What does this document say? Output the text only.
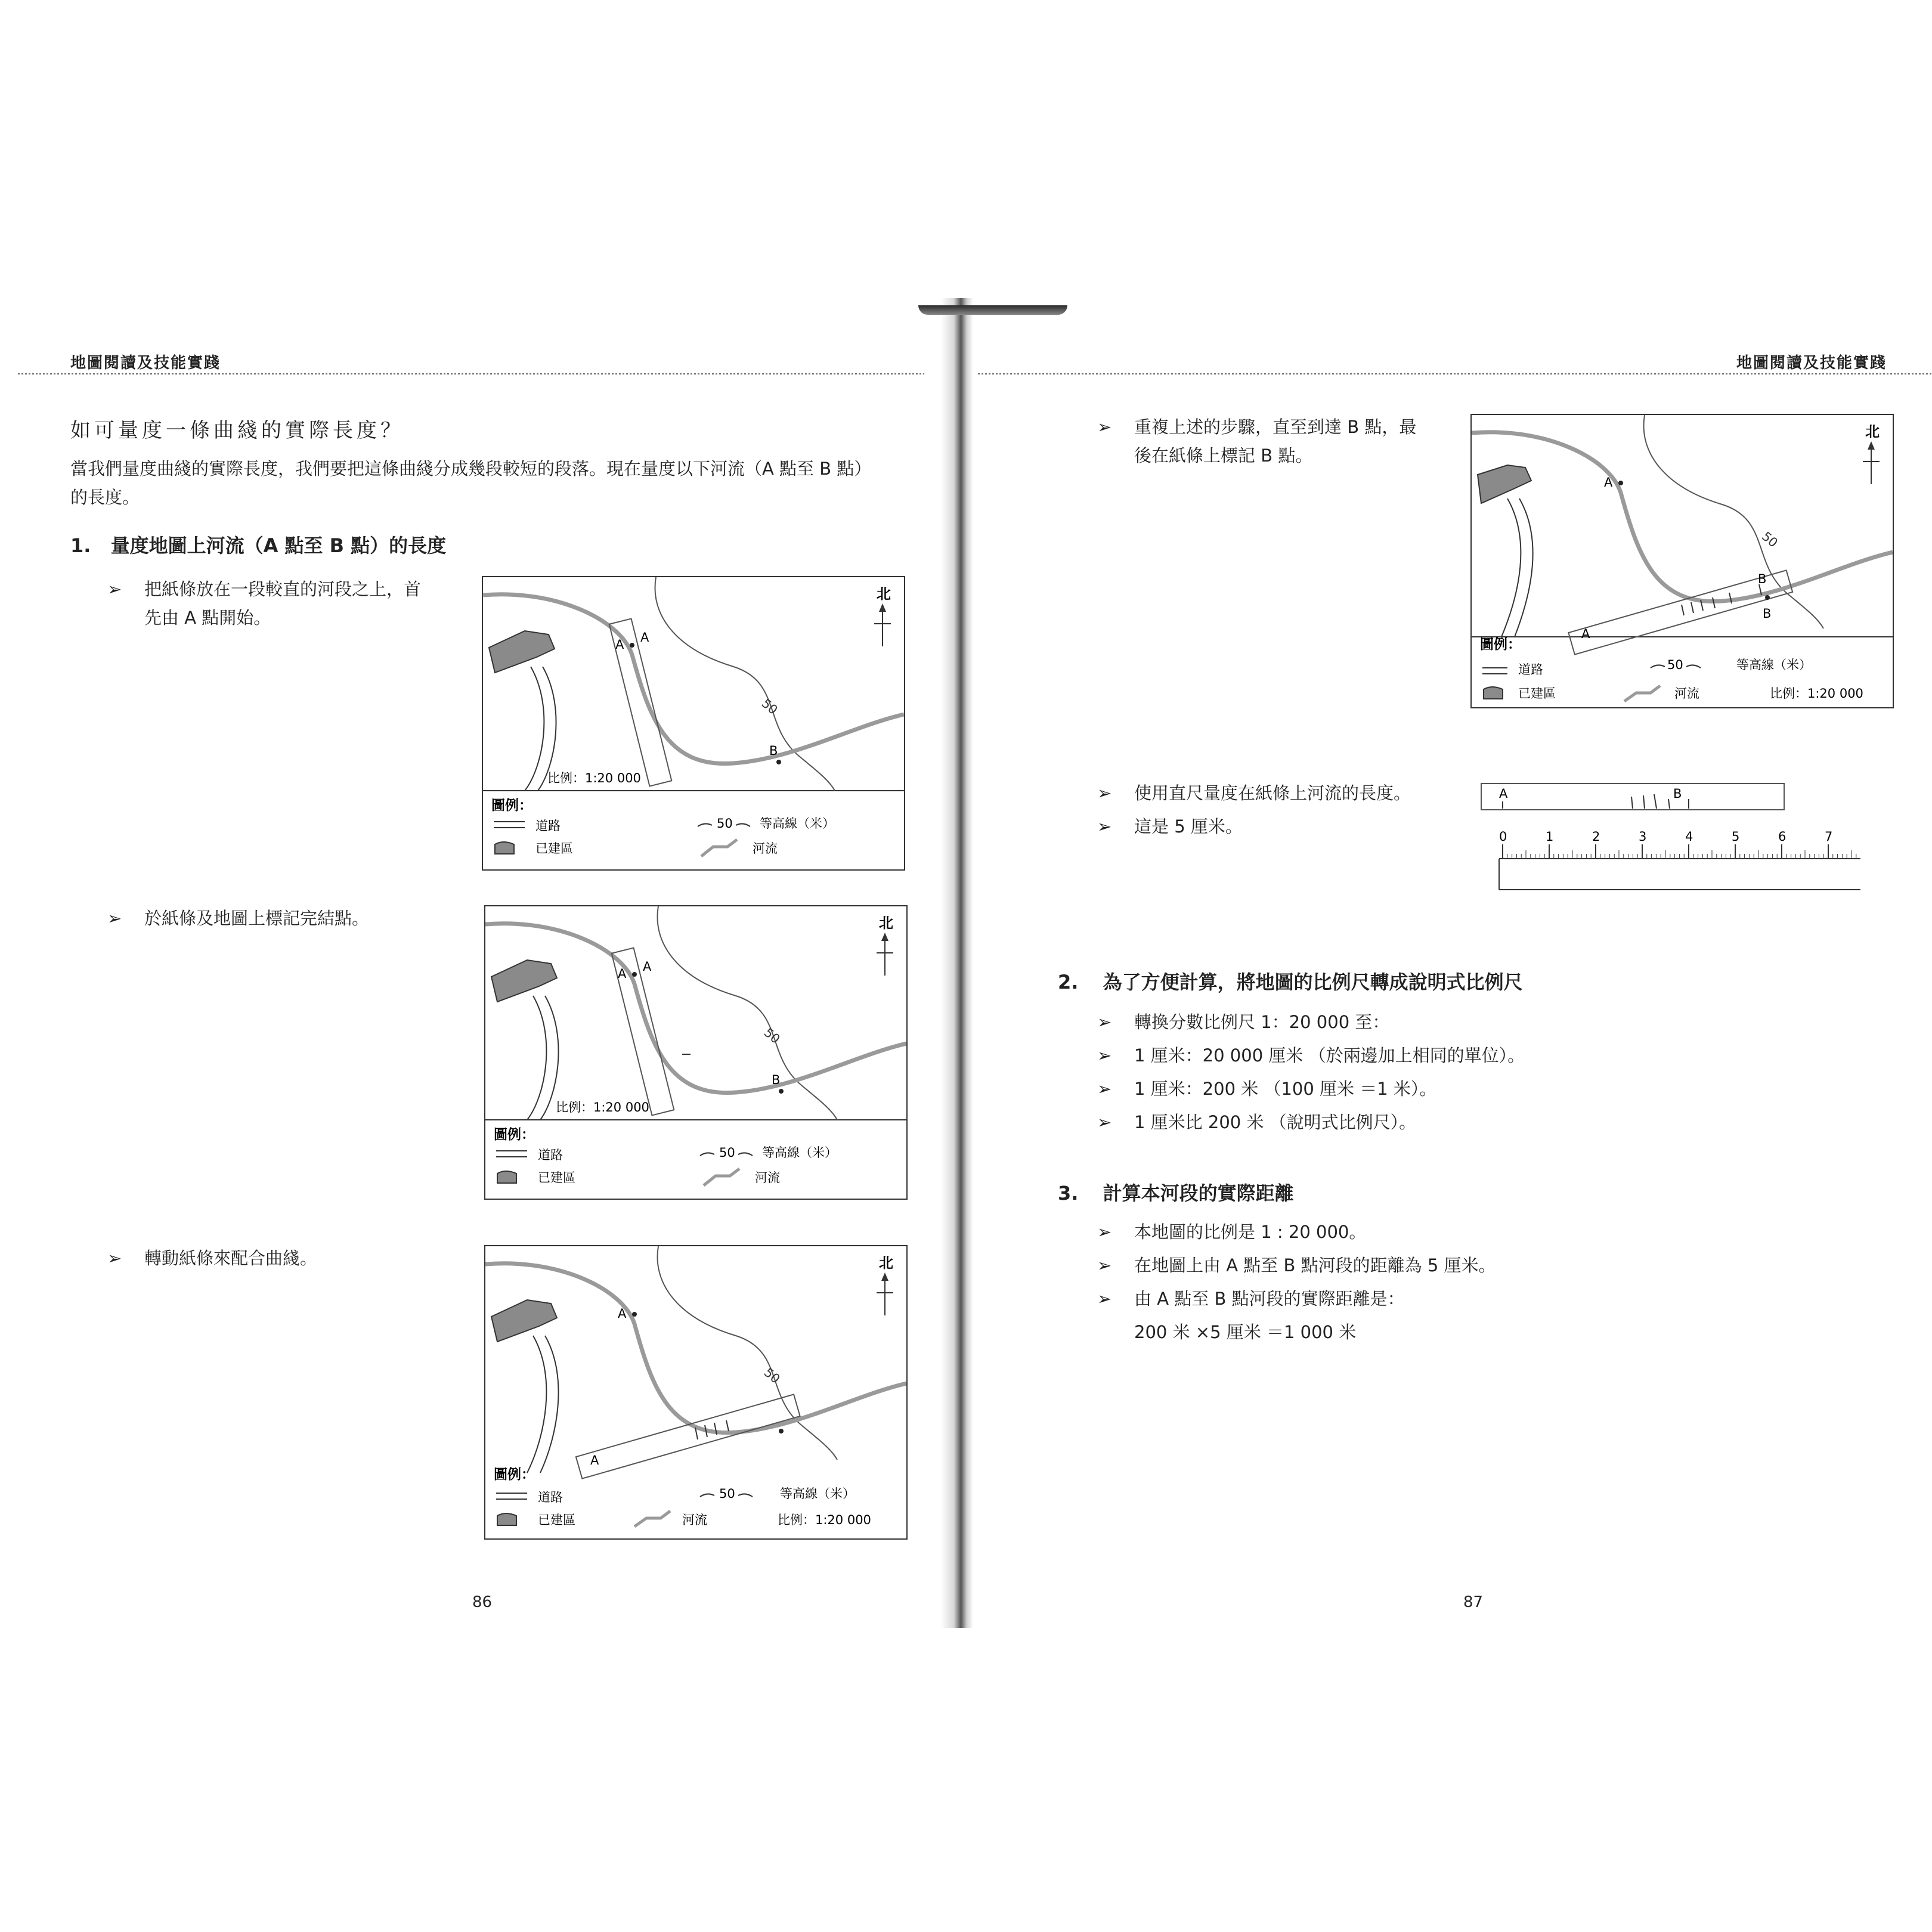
地圖閱讀及技能實踐
如可量度一條曲綫的實際長度？
當我們量度曲綫的實際長度，我們要把這條曲綫分成幾段較短的段落。現在量度以下河流（A 點至 B 點）
的長度。
1. 量度地圖上河流（A 點至 B 點）的長度
➢ 把紙條放在一段較直的河段之上，首
先由 A 點開始。
➢ 於紙條及地圖上標記完結點。
➢ 轉動紙條來配合曲綫。
50
A A
B
北
比例：1:20 000
圖例：
道路
已建區
50 等高線（米）
河流
50
A A
B
北
比例：1:20 000
圖例：
道路
已建區
50 等高線（米）
河流
50
A
A
北
圖例：
道路
已建區
50	等高線（米）
河流	比例：1:20 000
86
地圖閱讀及技能實踐
➢ 重複上述的步驟，直至到達 B 點，最
後在紙條上標記 B 點。
50
A
A
B
B
北
圖例：
道路
已建區
50	等高線（米）
河流	比例：1:20 000
➢ 使用直尺量度在紙條上河流的長度。
➢ 這是 5 厘米。
A	B
0	1	2	3	4	5	6	7
2. 為了方便計算，將地圖的比例尺轉成說明式比例尺
➢ 轉換分數比例尺 1：20 000 至：
➢ 1 厘米：20 000 厘米 （於兩邊加上相同的單位）。
➢ 1 厘米：200 米 （100 厘米 ＝1 米）。
➢ 1 厘米比 200 米 （說明式比例尺）。
3. 計算本河段的實際距離
➢ 本地圖的比例是 1 : 20 000。
➢ 在地圖上由 A 點至 B 點河段的距離為 5 厘米。
➢ 由 A 點至 B 點河段的實際距離是：
200 米 ×5 厘米 ＝1 000 米
87
